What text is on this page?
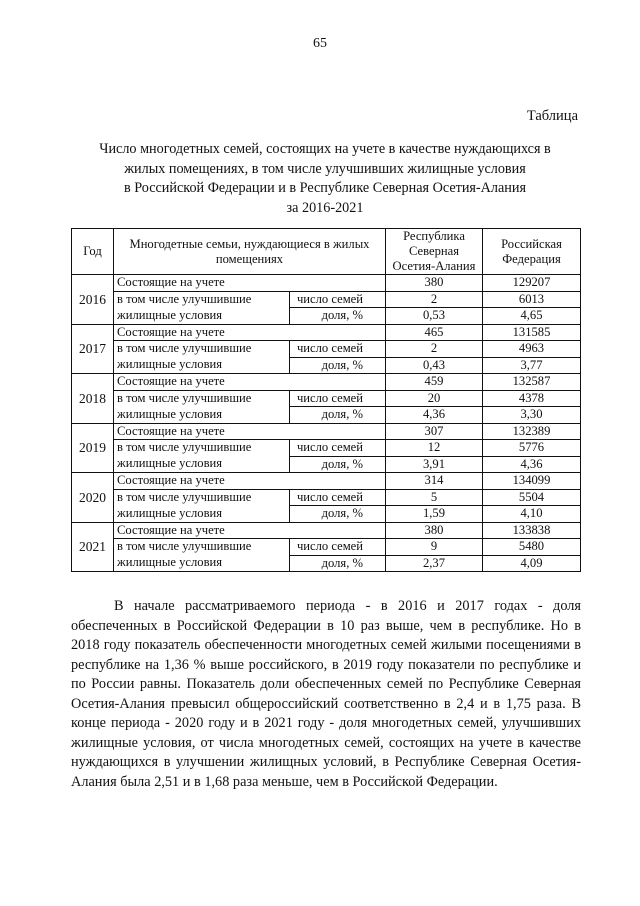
65
Таблица
Число многодетных семей, состоящих на учете в качестве нуждающихся в
жилых помещениях, в том числе улучшивших жилищные условия
в Российской Федерации и в Республике Северная Осетия-Алания
за 2016-2021
Год	Многодетные семьи, нуждающиеся в жилых помещениях		Республика Северная Осетия-Алания	Российская Федерация
2016	Состоящие на учете		380	129207
	в том числе улучшившие	число семей	2	6013
	жилищные условия	доля, %	0,53	4,65
2017	Состоящие на учете		465	131585
	в том числе улучшившие	число семей	2	4963
	жилищные условия	доля, %	0,43	3,77
2018	Состоящие на учете		459	132587
	в том числе улучшившие	число семей	20	4378
	жилищные условия	доля, %	4,36	3,30
2019	Состоящие на учете		307	132389
	в том числе улучшившие	число семей	12	5776
	жилищные условия	доля, %	3,91	4,36
2020	Состоящие на учете		314	134099
	в том числе улучшившие	число семей	5	5504
	жилищные условия	доля, %	1,59	4,10
2021	Состоящие на учете		380	133838
	в том числе улучшившие	число семей	9	5480
	жилищные условия	доля, %	2,37	4,09
В начале рассматриваемого периода - в 2016 и 2017 годах - доля обеспеченных в Российской Федерации в 10 раз выше, чем в республике. Но в 2018 году показатель обеспеченности многодетных семей жилыми посещениями в республике на 1,36 % выше российского, в 2019 году показатели по республике и по России равны. Показатель доли обеспеченных семей по Республике Северная Осетия-Алания превысил общероссийский соответственно в 2,4 и в 1,75 раза. В конце периода - 2020 году и в 2021 году - доля многодетных семей, улучшивших жилищные условия, от числа многодетных семей, состоящих на учете в качестве нуждающихся в улучшении жилищных условий, в Республике Северная Осетия-Алания была 2,51 и в 1,68 раза меньше, чем в Российской Федерации.
